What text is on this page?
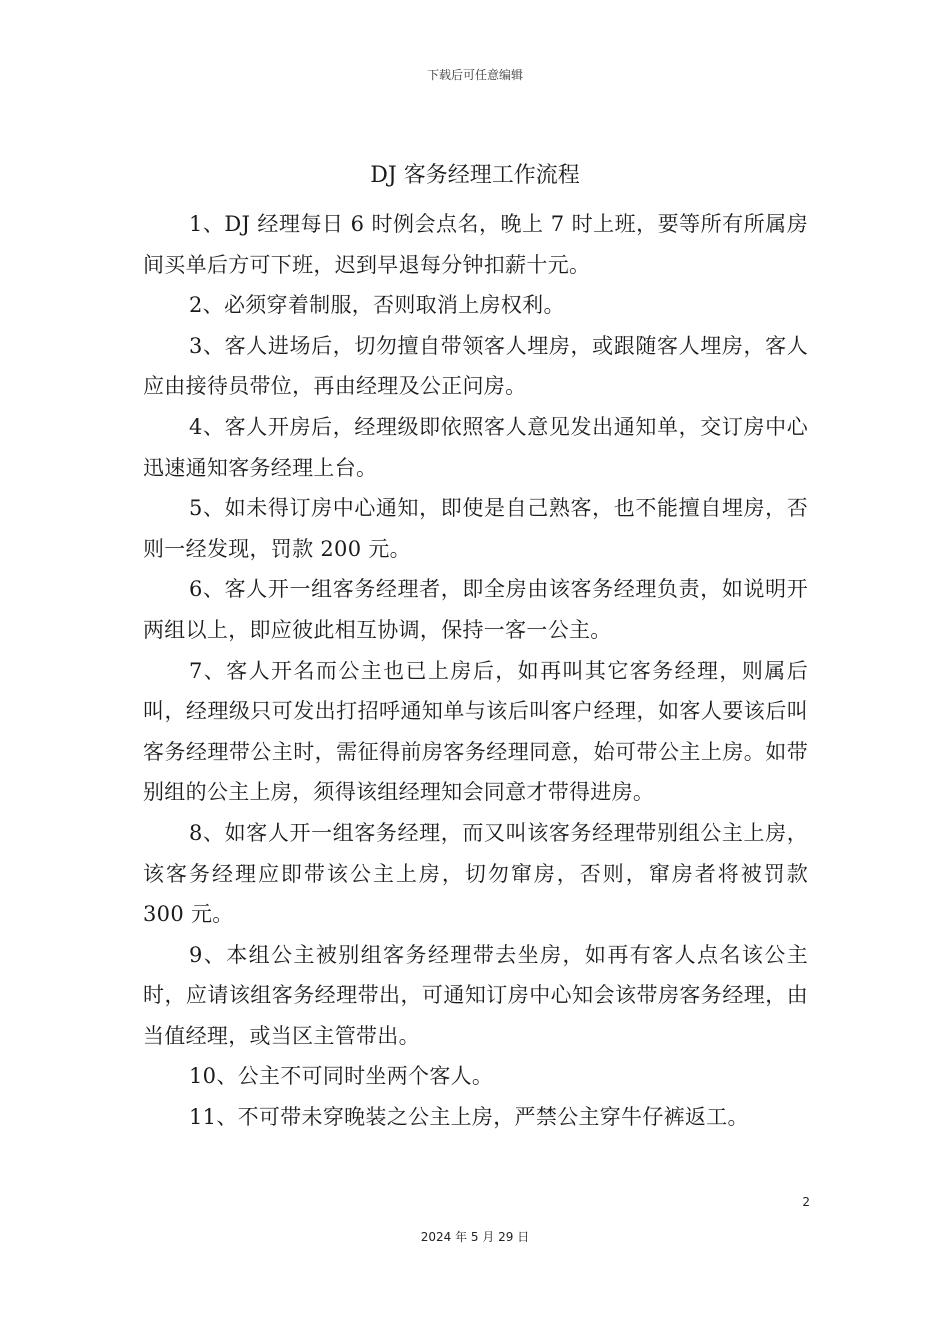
下载后可任意编辑
DJ 客务经理工作流程

1、DJ 经理每日 6 时例会点名，晚上 7 时上班，要等所有所属房间买单后方可下班，迟到早退每分钟扣薪十元。

2、必须穿着制服，否则取消上房权利。

3、客人进场后，切勿擅自带领客人埋房，或跟随客人埋房，客人应由接待员带位，再由经理及公正问房。

4、客人开房后，经理级即依照客人意见发出通知单，交订房中心迅速通知客务经理上台。

5、如未得订房中心通知，即使是自己熟客，也不能擅自埋房，否则一经发现，罚款 200 元。

6、客人开一组客务经理者，即全房由该客务经理负责，如说明开两组以上，即应彼此相互协调，保持一客一公主。

7、客人开名而公主也已上房后，如再叫其它客务经理，则属后叫，经理级只可发出打招呼通知单与该后叫客户经理，如客人要该后叫客务经理带公主时，需征得前房客务经理同意，始可带公主上房。如带别组的公主上房，须得该组经理知会同意才带得进房。

8、如客人开一组客务经理，而又叫该客务经理带别组公主上房，该客务经理应即带该公主上房，切勿窜房，否则，窜房者将被罚款 300 元。

9、本组公主被别组客务经理带去坐房，如再有客人点名该公主时，应请该组客务经理带出，可通知订房中心知会该带房客务经理，由当值经理，或当区主管带出。

10、公主不可同时坐两个客人。

11、不可带未穿晚装之公主上房，严禁公主穿牛仔裤返工。

2
2024 年 5 月 29 日
